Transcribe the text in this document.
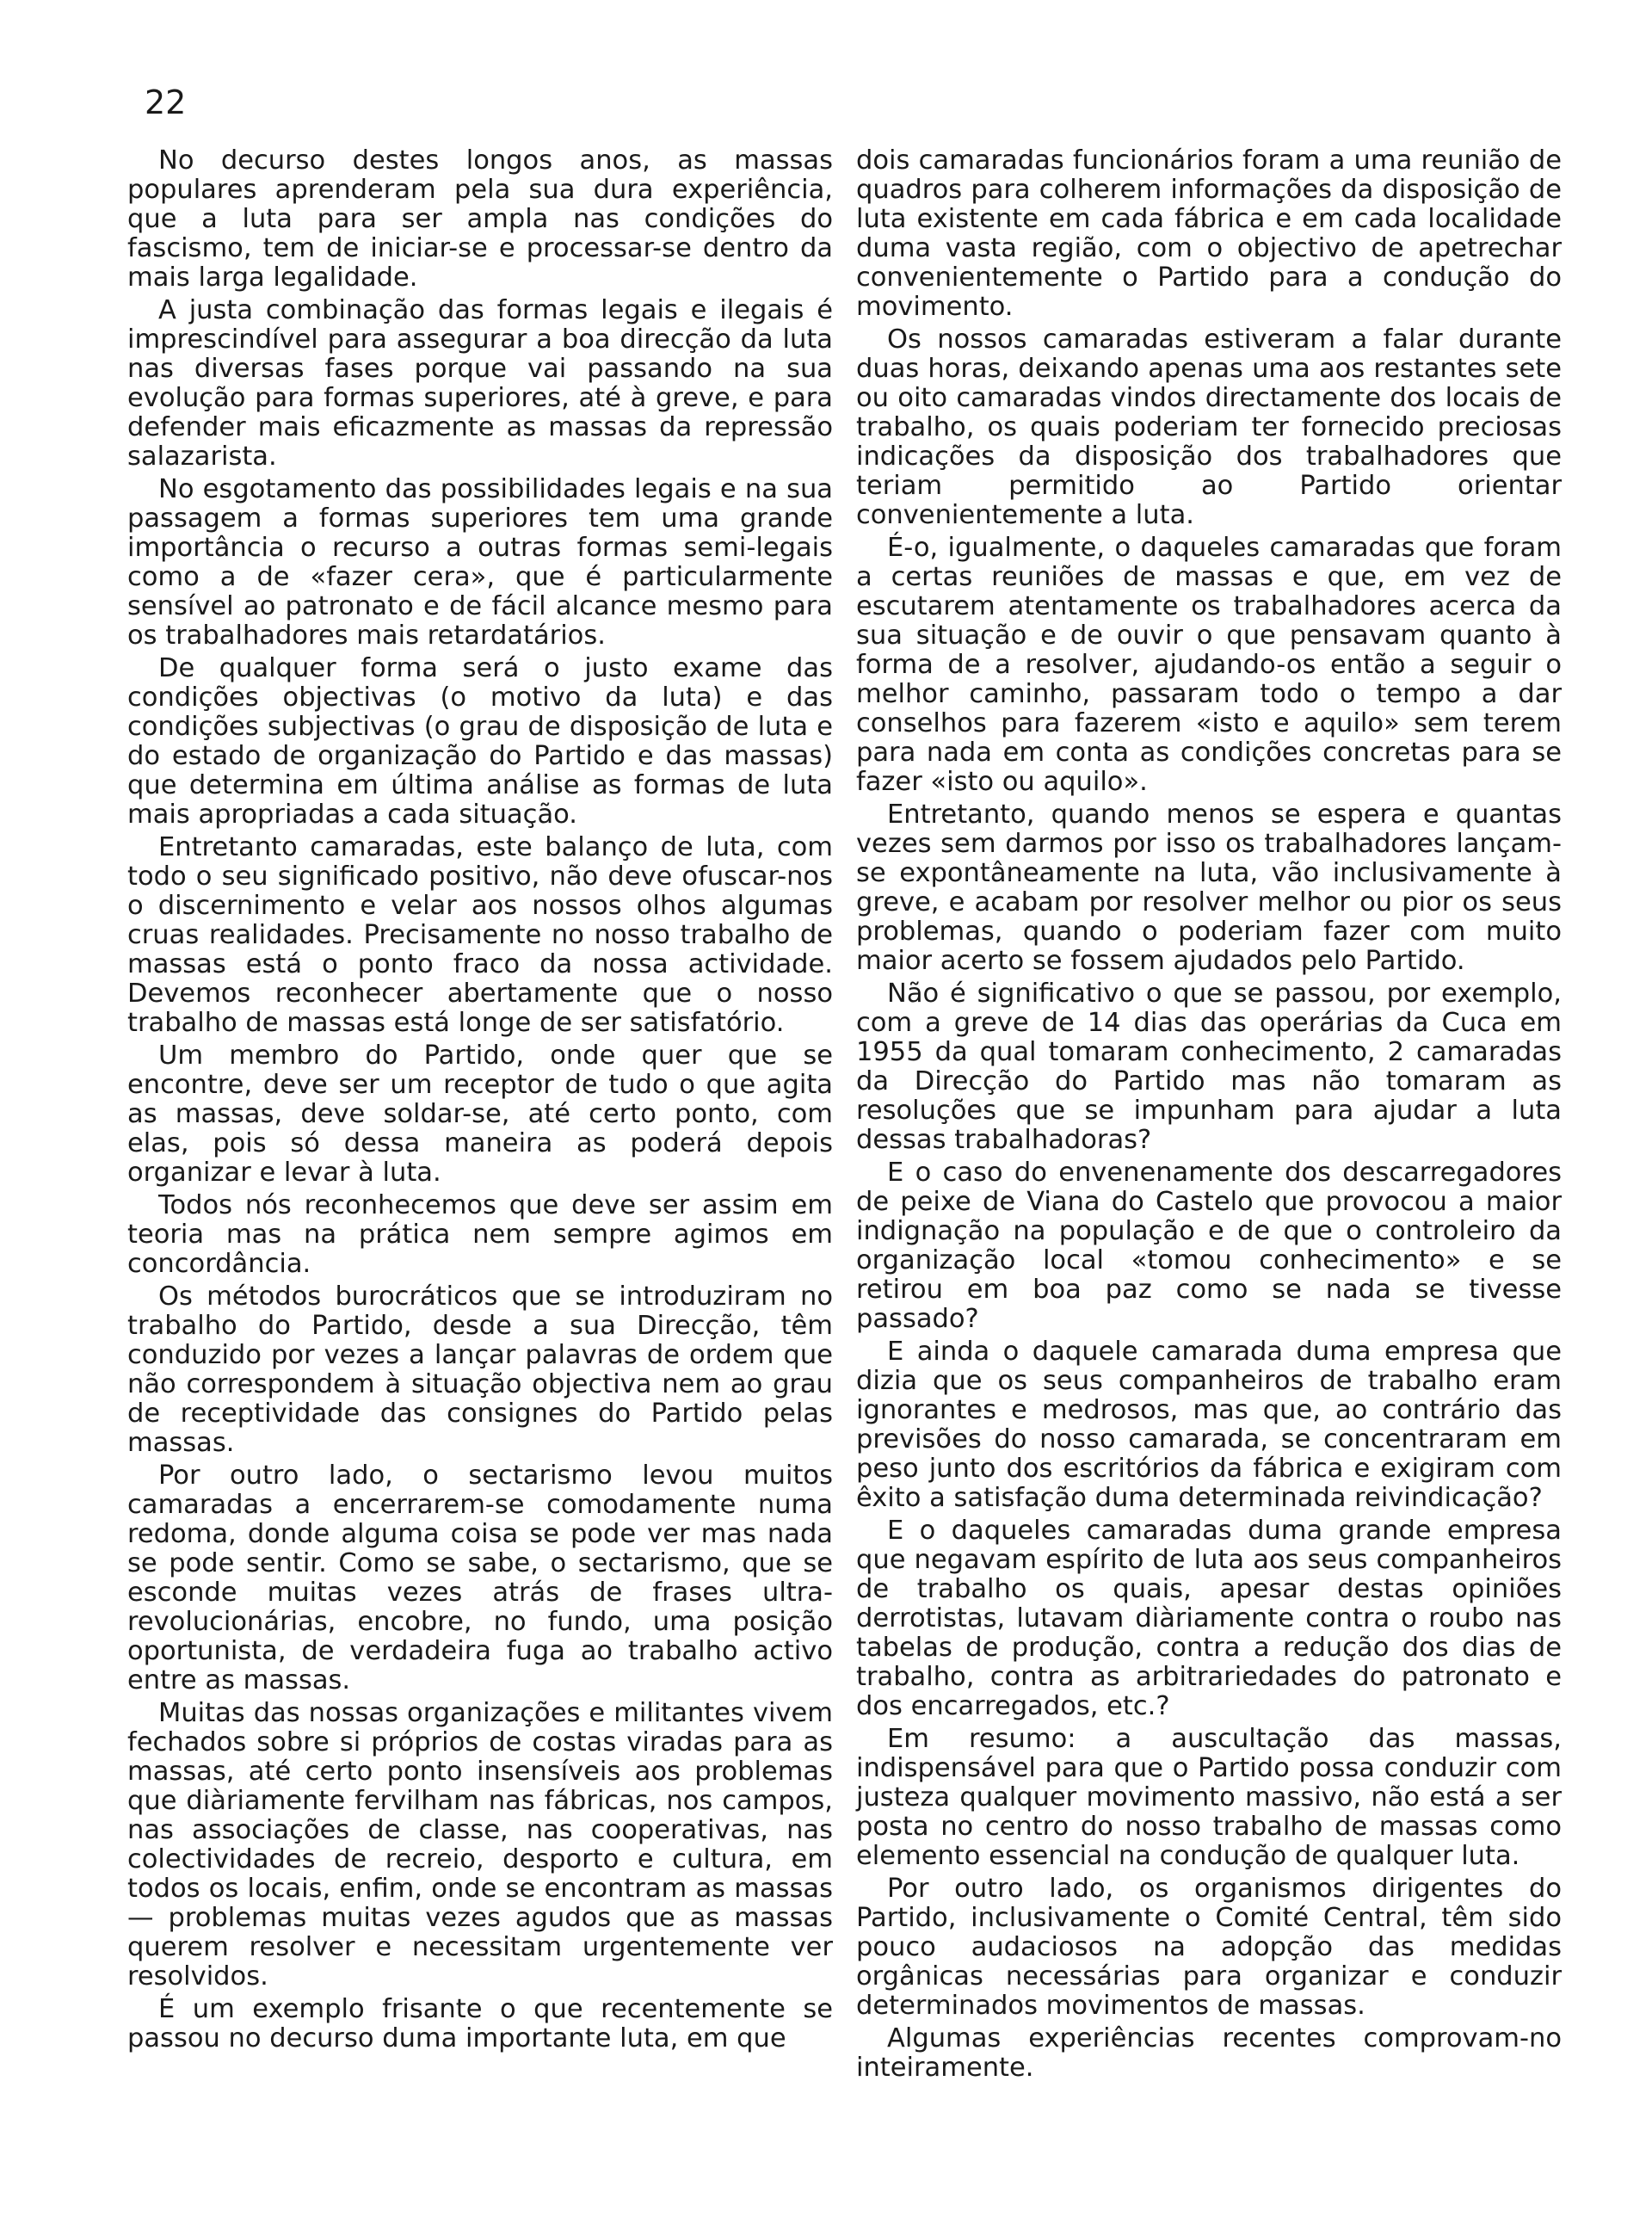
22

No decurso destes longos anos, as massas populares aprenderam pela sua dura experiência, que a luta para ser ampla nas condições do fascismo, tem de iniciar-se e processar-se dentro da mais larga legalidade.

A justa combinação das formas legais e ilegais é imprescindível para assegurar a boa direcção da luta nas diversas fases porque vai passando na sua evolução para formas superiores, até à greve, e para defender mais eficazmente as massas da repressão salazarista.

No esgotamento das possibilidades legais e na sua passagem a formas superiores tem uma grande importância o recurso a outras formas semi-legais como a de «fazer cera», que é particularmente sensível ao patronato e de fácil alcance mesmo para os trabalhadores mais retardatários.

De qualquer forma será o justo exame das condições objectivas (o motivo da luta) e das condições subjectivas (o grau de disposição de luta e do estado de organização do Partido e das massas) que determina em última análise as formas de luta mais apropriadas a cada situação.

Entretanto camaradas, este balanço de luta, com todo o seu significado positivo, não deve ofuscar-nos o discernimento e velar aos nossos olhos algumas cruas realidades. Precisamente no nosso trabalho de massas está o ponto fraco da nossa actividade. Devemos reconhecer abertamente que o nosso trabalho de massas está longe de ser satisfatório.

Um membro do Partido, onde quer que se encontre, deve ser um receptor de tudo o que agita as massas, deve soldar-se, até certo ponto, com elas, pois só dessa maneira as poderá depois organizar e levar à luta.

Todos nós reconhecemos que deve ser assim em teoria mas na prática nem sempre agimos em concordância.

Os métodos burocráticos que se introduziram no trabalho do Partido, desde a sua Direcção, têm conduzido por vezes a lançar palavras de ordem que não correspondem à situação objectiva nem ao grau de receptividade das consignes do Partido pelas massas.

Por outro lado, o sectarismo levou muitos camaradas a encerrarem-se comodamente numa redoma, donde alguma coisa se pode ver mas nada se pode sentir. Como se sabe, o sectarismo, que se esconde muitas vezes atrás de frases ultra-revolucionárias, encobre, no fundo, uma posição oportunista, de verdadeira fuga ao trabalho activo entre as massas.

Muitas das nossas organizações e militantes vivem fechados sobre si próprios de costas viradas para as massas, até certo ponto insensíveis aos problemas que diàriamente fervilham nas fábricas, nos campos, nas associações de classe, nas cooperativas, nas colectividades de recreio, desporto e cultura, em todos os locais, enfim, onde se encontram as massas — problemas muitas vezes agudos que as massas querem resolver e necessitam urgentemente ver resolvidos.

É um exemplo frisante o que recentemente se passou no decurso duma importante luta, em que

dois camaradas funcionários foram a uma reunião de quadros para colherem informações da disposição de luta existente em cada fábrica e em cada localidade duma vasta região, com o objectivo de apetrechar convenientemente o Partido para a condução do movimento.

Os nossos camaradas estiveram a falar durante duas horas, deixando apenas uma aos restantes sete ou oito camaradas vindos directamente dos locais de trabalho, os quais poderiam ter fornecido preciosas indicações da disposição dos trabalhadores que teriam permitido ao Partido orientar convenientemente a luta.

É-o, igualmente, o daqueles camaradas que foram a certas reuniões de massas e que, em vez de escutarem atentamente os trabalhadores acerca da sua situação e de ouvir o que pensavam quanto à forma de a resolver, ajudando-os então a seguir o melhor caminho, passaram todo o tempo a dar conselhos para fazerem «isto e aquilo» sem terem para nada em conta as condições concretas para se fazer «isto ou aquilo».

Entretanto, quando menos se espera e quantas vezes sem darmos por isso os trabalhadores lançam-se expontâneamente na luta, vão inclusivamente à greve, e acabam por resolver melhor ou pior os seus problemas, quando o poderiam fazer com muito maior acerto se fossem ajudados pelo Partido.

Não é significativo o que se passou, por exemplo, com a greve de 14 dias das operárias da Cuca em 1955 da qual tomaram conhecimento, 2 camaradas da Direcção do Partido mas não tomaram as resoluções que se impunham para ajudar a luta dessas trabalhadoras?

E o caso do envenenamente dos descarregadores de peixe de Viana do Castelo que provocou a maior indignação na população e de que o controleiro da organização local «tomou conhecimento» e se retirou em boa paz como se nada se tivesse passado?

E ainda o daquele camarada duma empresa que dizia que os seus companheiros de trabalho eram ignorantes e medrosos, mas que, ao contrário das previsões do nosso camarada, se concentraram em peso junto dos escritórios da fábrica e exigiram com êxito a satisfação duma determinada reivindicação?

E o daqueles camaradas duma grande empresa que negavam espírito de luta aos seus companheiros de trabalho os quais, apesar destas opiniões derrotistas, lutavam diàriamente contra o roubo nas tabelas de produção, contra a redução dos dias de trabalho, contra as arbitrariedades do patronato e dos encarregados, etc.?

Em resumo: a auscultação das massas, indispensável para que o Partido possa conduzir com justeza qualquer movimento massivo, não está a ser posta no centro do nosso trabalho de massas como elemento essencial na condução de qualquer luta.

Por outro lado, os organismos dirigentes do Partido, inclusivamente o Comité Central, têm sido pouco audaciosos na adopção das medidas orgânicas necessárias para organizar e conduzir determinados movimentos de massas.

Algumas experiências recentes comprovam-no inteiramente.
